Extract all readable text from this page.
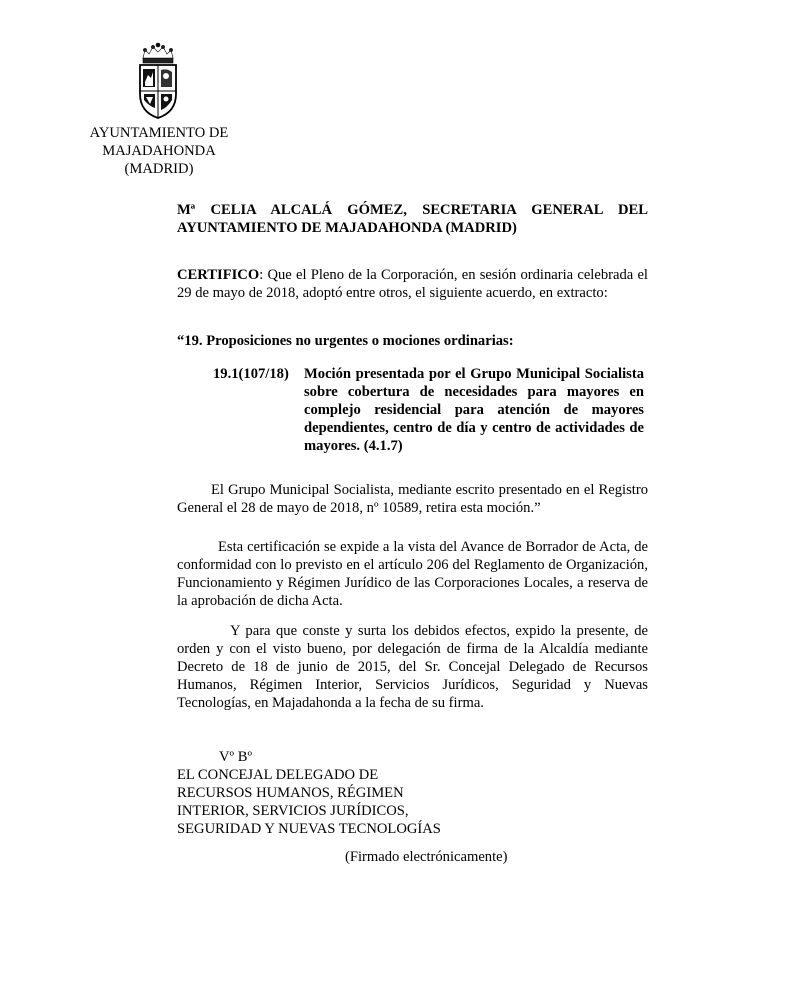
AYUNTAMIENTO DE
MAJADAHONDA
(MADRID)
Mª CELIA ALCALÁ GÓMEZ, SECRETARIA GENERAL DEL
AYUNTAMIENTO DE MAJADAHONDA (MADRID)
CERTIFICO: Que el Pleno de la Corporación, en sesión ordinaria celebrada el 29 de mayo de 2018, adoptó entre otros, el siguiente acuerdo, en extracto:
“19. Proposiciones no urgentes o mociones ordinarias:
19.1(107/18) Moción presentada por el Grupo Municipal Socialista sobre cobertura de necesidades para mayores en complejo residencial para atención de mayores dependientes, centro de día y centro de actividades de mayores. (4.1.7)
El Grupo Municipal Socialista, mediante escrito presentado en el Registro General el 28 de mayo de 2018, nº 10589, retira esta moción.”
Esta certificación se expide a la vista del Avance de Borrador de Acta, de conformidad con lo previsto en el artículo 206 del Reglamento de Organización, Funcionamiento y Régimen Jurídico de las Corporaciones Locales, a reserva de la aprobación de dicha Acta.
Y para que conste y surta los debidos efectos, expido la presente, de orden y con el visto bueno, por delegación de firma de la Alcaldía mediante Decreto de 18 de junio de 2015, del Sr. Concejal Delegado de Recursos Humanos, Régimen Interior, Servicios Jurídicos, Seguridad y Nuevas Tecnologías, en Majadahonda a la fecha de su firma.
Vº Bº
EL CONCEJAL DELEGADO DE
RECURSOS HUMANOS, RÉGIMEN
INTERIOR, SERVICIOS JURÍDICOS,
SEGURIDAD Y NUEVAS TECNOLOGÍAS
(Firmado electrónicamente)
